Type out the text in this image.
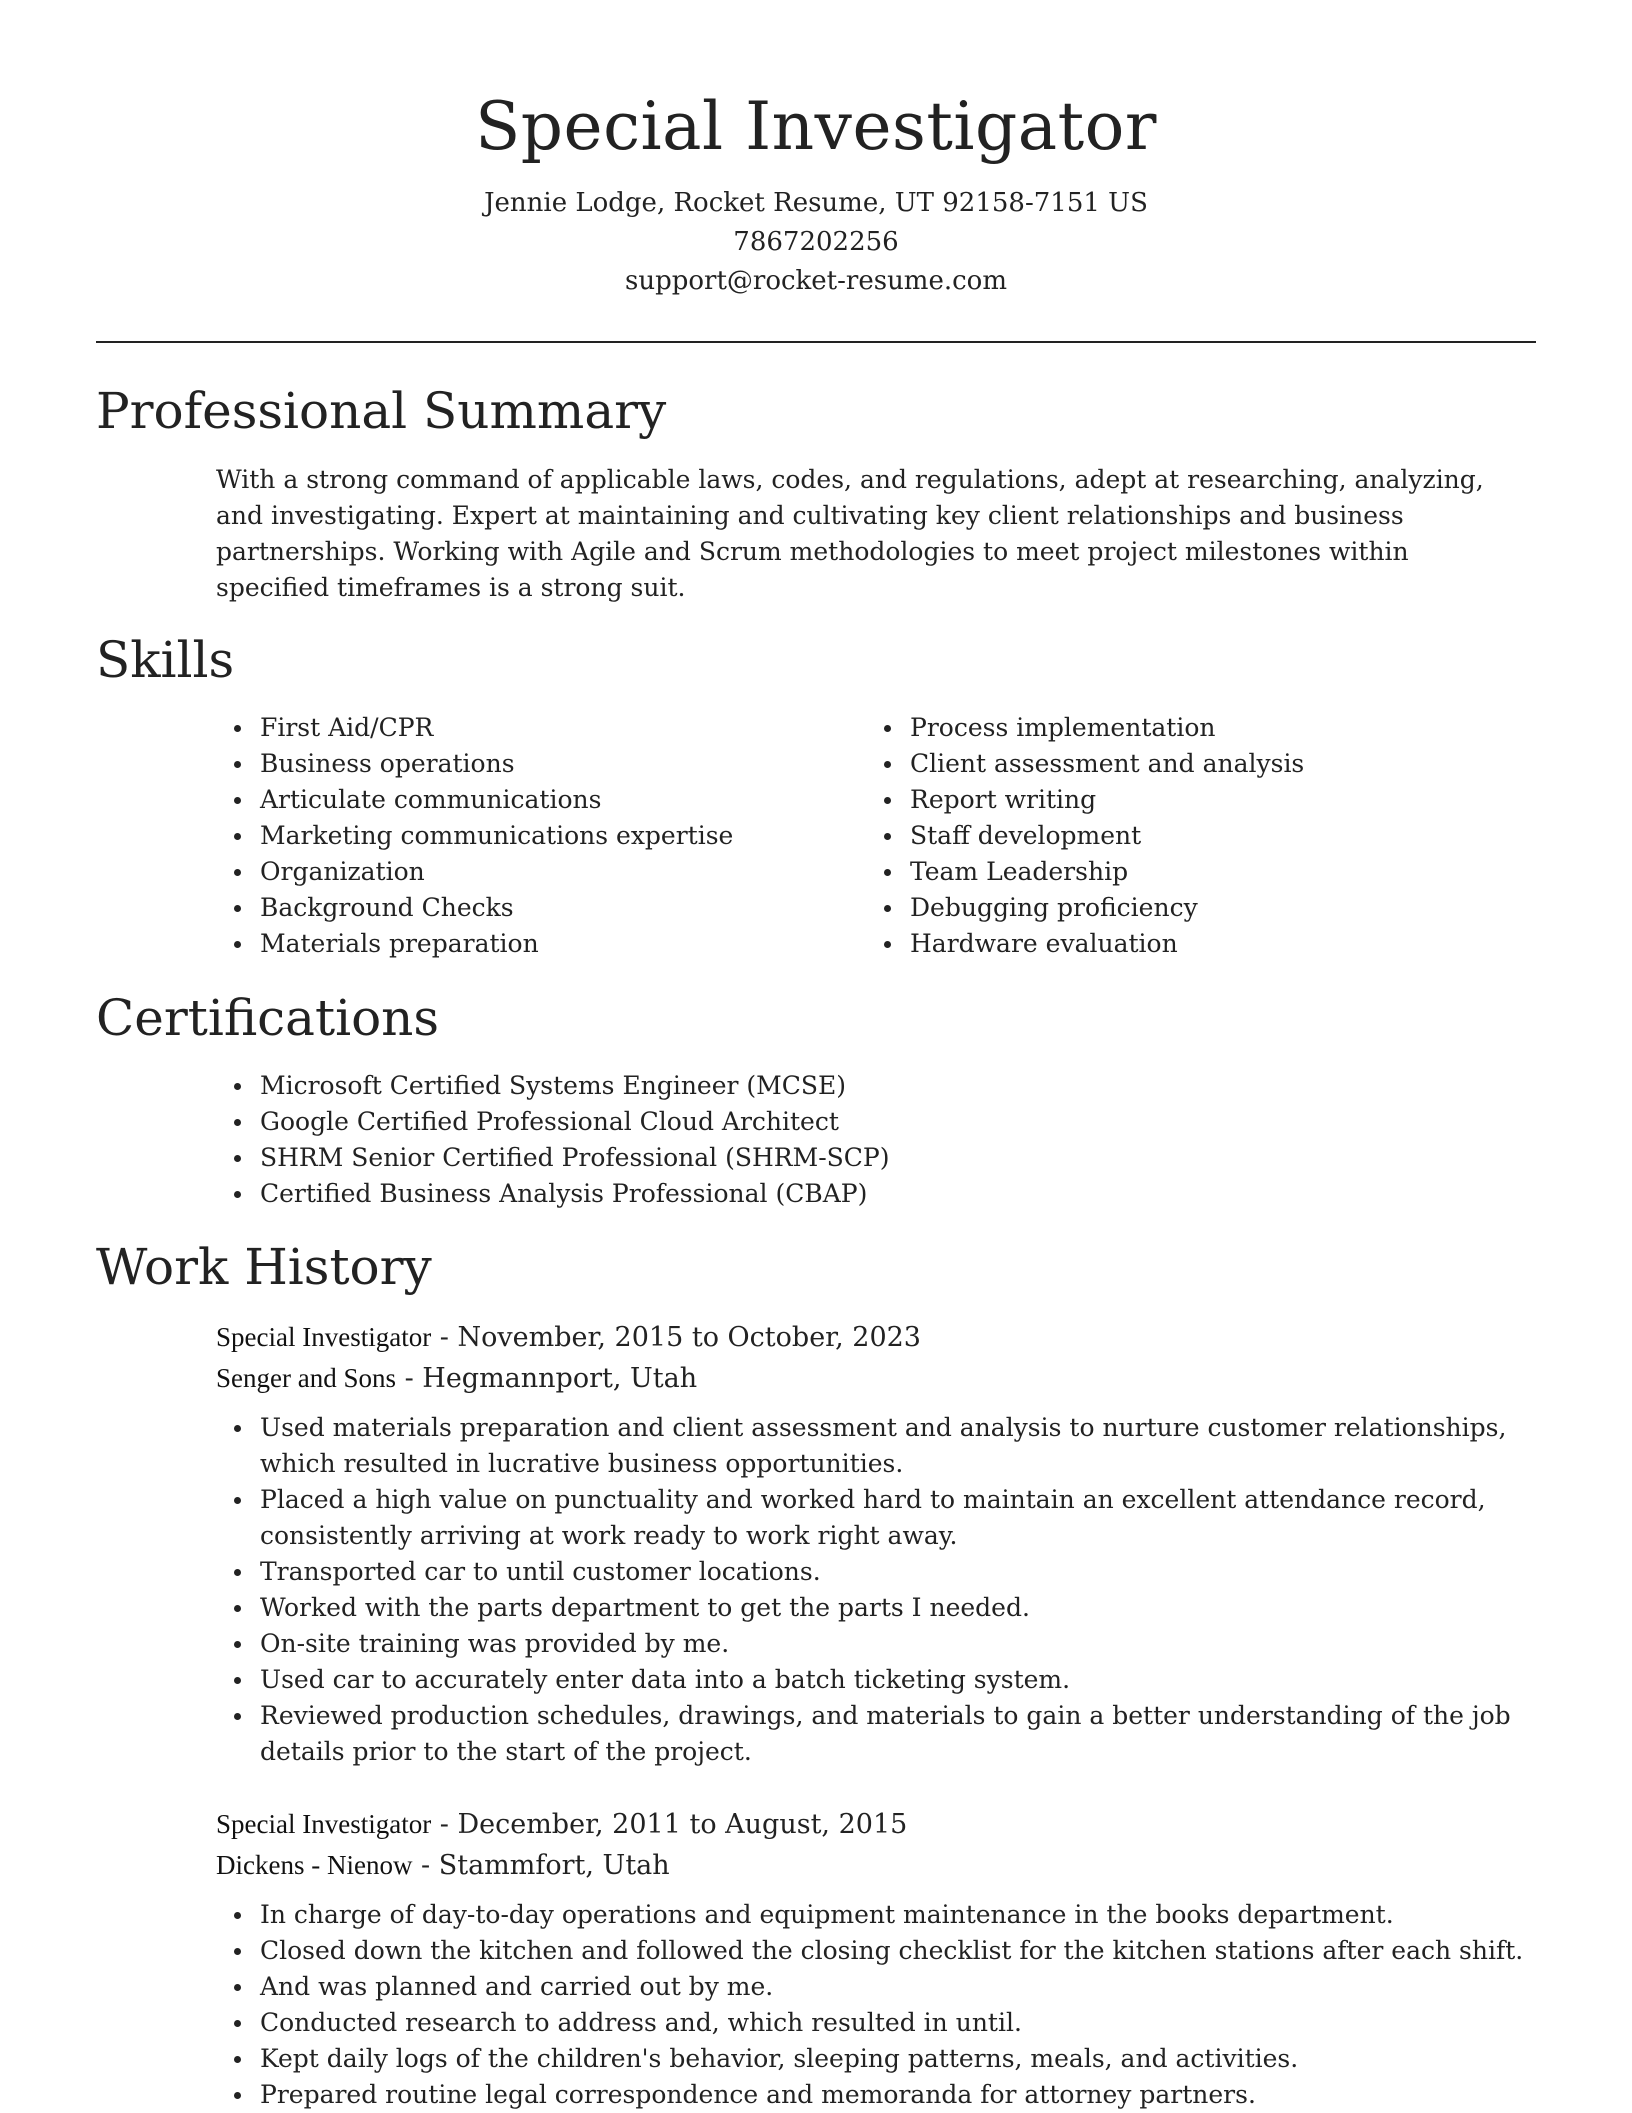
Special Investigator

Jennie Lodge, Rocket Resume, UT 92158-7151 US

7867202256

support@rocket-resume.com

Professional Summary

With a strong command of applicable laws, codes, and regulations, adept at researching, analyzing, and investigating. Expert at maintaining and cultivating key client relationships and business partnerships. Working with Agile and Scrum methodologies to meet project milestones within specified timeframes is a strong suit.

Skills
First Aid/CPR
Business operations
Articulate communications
Marketing communications expertise
Organization
Background Checks
Materials preparation
Process implementation
Client assessment and analysis
Report writing
Staff development
Team Leadership
Debugging proficiency
Hardware evaluation
Certifications
Microsoft Certified Systems Engineer (MCSE)
Google Certified Professional Cloud Architect
SHRM Senior Certified Professional (SHRM-SCP)
Certified Business Analysis Professional (CBAP)
Work History

Special Investigator - November, 2015 to October, 2023

Senger and Sons - Hegmannport, Utah

Used materials preparation and client assessment and analysis to nurture customer relationships, which resulted in lucrative business opportunities.
Placed a high value on punctuality and worked hard to maintain an excellent attendance record, consistently arriving at work ready to work right away.
Transported car to until customer locations.
Worked with the parts department to get the parts I needed.
On-site training was provided by me.
Used car to accurately enter data into a batch ticketing system.
Reviewed production schedules, drawings, and materials to gain a better understanding of the job details prior to the start of the project.

Special Investigator - December, 2011 to August, 2015

Dickens - Nienow - Stammfort, Utah

In charge of day-to-day operations and equipment maintenance in the books department.
Closed down the kitchen and followed the closing checklist for the kitchen stations after each shift.
And was planned and carried out by me.
Conducted research to address and, which resulted in until.
Kept daily logs of the children's behavior, sleeping patterns, meals, and activities.
Prepared routine legal correspondence and memoranda for attorney partners.
